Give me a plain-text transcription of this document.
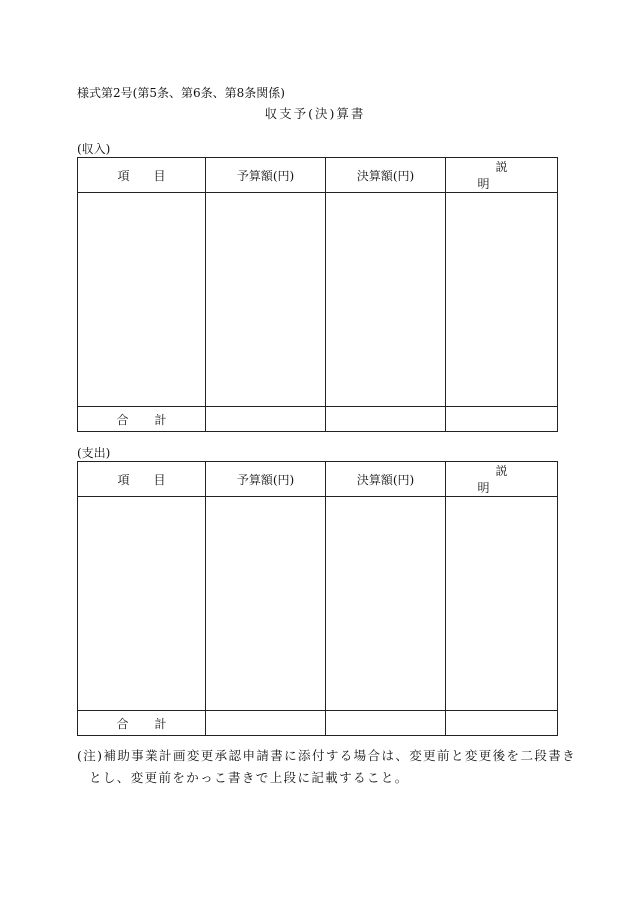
様式第2号(第5条、第6条、第8条関係)
収支予(決)算書
(収入)
項目	予算額(円)	決算額(円)	説明

合計			
(支出)
項目	予算額(円)	決算額(円)	説明

合計			
(注)補助事業計画変更承認申請書に添付する場合は、変更前と変更後を二段書き
とし、変更前をかっこ書きで上段に記載すること。
